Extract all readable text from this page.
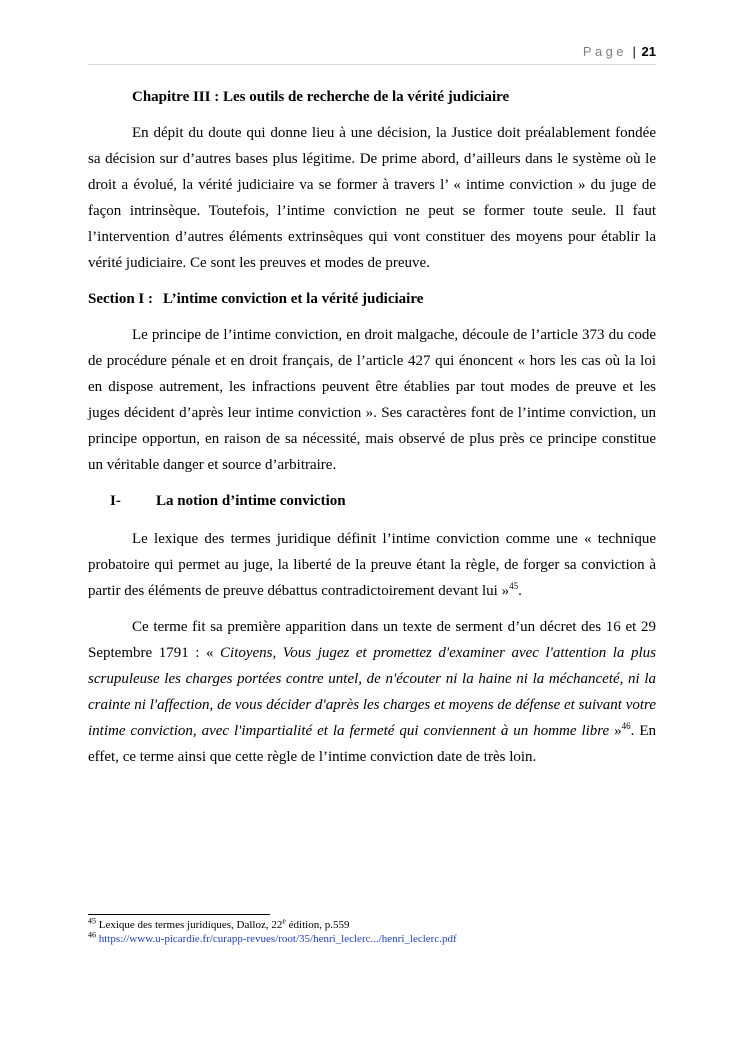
Page | 21
Chapitre III : Les outils de recherche de la vérité judiciaire

En dépit du doute qui donne lieu à une décision, la Justice doit préalablement fondée sa décision sur d’autres bases plus légitime. De prime abord, d’ailleurs dans le système où le droit a évolué, la vérité judiciaire va se former à travers l’ « intime conviction » du juge de façon intrinsèque. Toutefois, l’intime conviction ne peut se former toute seule. Il faut l’intervention d’autres éléments extrinsèques qui vont constituer des moyens pour établir la vérité judiciaire. Ce sont les preuves et modes de preuve.

Section I : L’intime conviction et la vérité judiciaire

Le principe de l’intime conviction, en droit malgache, découle de l’article 373 du code de procédure pénale et en droit français, de l’article 427 qui énoncent « hors les cas où la loi en dispose autrement, les infractions peuvent être établies par tout modes de preuve et les juges décident d’après leur intime conviction ». Ses caractères font de l’intime conviction, un principe opportun, en raison de sa nécessité, mais observé de plus près ce principe constitue un véritable danger et source d’arbitraire.

I- La notion d’intime conviction

Le lexique des termes juridique définit l’intime conviction comme une « technique probatoire qui permet au juge, la liberté de la preuve étant la règle, de forger sa conviction à partir des éléments de preuve débattus contradictoirement devant lui »$^{45}$.

Ce terme fit sa première apparition dans un texte de serment d’un décret des 16 et 29 Septembre 1791 : « Citoyens, Vous jugez et promettez d'examiner avec l'attention la plus scrupuleuse les charges portées contre untel, de n'écouter ni la haine ni la méchanceté, ni la crainte ni l'affection, de vous décider d'après les charges et moyens de défense et suivant votre intime conviction, avec l'impartialité et la fermeté qui conviennent à un homme libre »$^{46}$. En effet, ce terme ainsi que cette règle de l’intime conviction date de très loin.

$^{45}$ Lexique des termes juridiques, Dalloz, 22e édition, p.559
$^{46}$ https://www.u-picardie.fr/curapp-revues/root/35/henri_leclerc.../henri_leclerc.pdf
